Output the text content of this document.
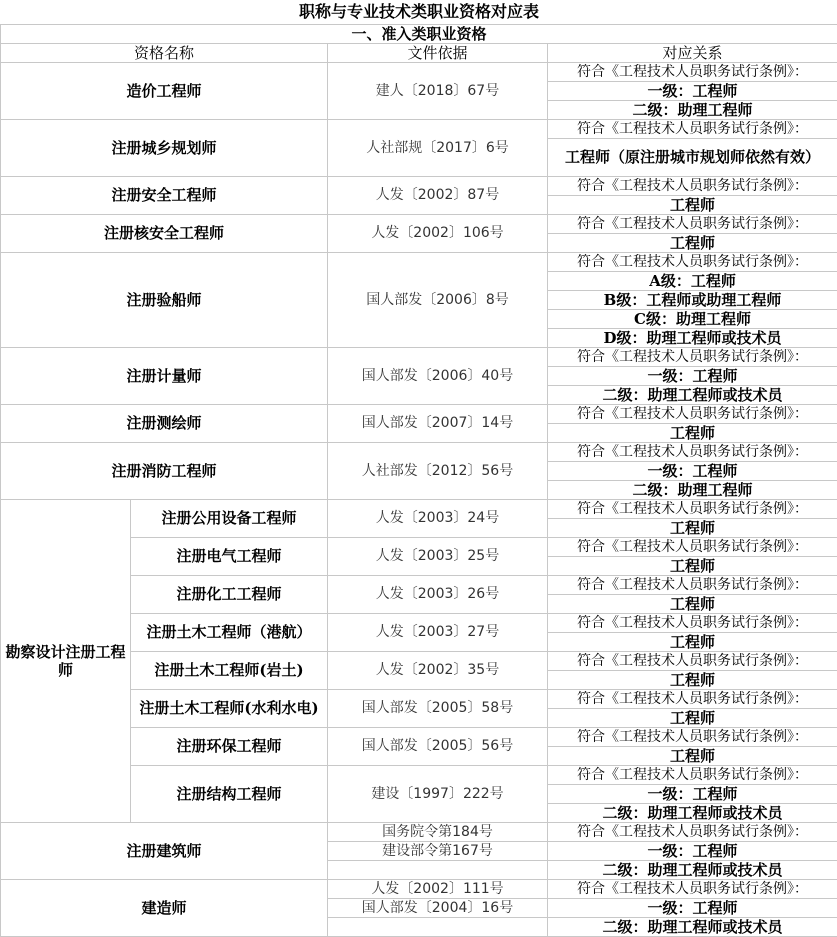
职称与专业技术类职业资格对应表			
一、准入类职业资格			
资格名称		文件依据	对应关系
造价工程师		建人〔2018〕67号	符合《工程技术人员职务试行条例》：
			一级：工程师
			二级：助理工程师
注册城乡规划师		人社部规〔2017〕6号	符合《工程技术人员职务试行条例》：
			工程师（原注册城市规划师依然有效）
注册安全工程师		人发〔2002〕87号	符合《工程技术人员职务试行条例》：
			工程师
注册核安全工程师		人发〔2002〕106号	符合《工程技术人员职务试行条例》：
			工程师
注册验船师		国人部发〔2006〕8号	符合《工程技术人员职务试行条例》：
			A级：工程师
			B级：工程师或助理工程师
			C级：助理工程师
			D级：助理工程师或技术员
注册计量师		国人部发〔2006〕40号	符合《工程技术人员职务试行条例》：
			一级：工程师
			二级：助理工程师或技术员
注册测绘师		国人部发〔2007〕14号	符合《工程技术人员职务试行条例》：
			工程师
注册消防工程师		人社部发〔2012〕56号	符合《工程技术人员职务试行条例》：
			一级：工程师
			二级：助理工程师
勘察设计注册工程师	注册公用设备工程师	人发〔2003〕24号	符合《工程技术人员职务试行条例》：
			工程师
	注册电气工程师	人发〔2003〕25号	符合《工程技术人员职务试行条例》：
			工程师
	注册化工工程师	人发〔2003〕26号	符合《工程技术人员职务试行条例》：
			工程师
	注册土木工程师（港航）	人发〔2003〕27号	符合《工程技术人员职务试行条例》：
			工程师
	注册土木工程师(岩土)	人发〔2002〕35号	符合《工程技术人员职务试行条例》：
			工程师
	注册土木工程师(水利水电)	国人部发〔2005〕58号	符合《工程技术人员职务试行条例》：
			工程师
	注册环保工程师	国人部发〔2005〕56号	符合《工程技术人员职务试行条例》：
			工程师
	注册结构工程师	建设〔1997〕222号	符合《工程技术人员职务试行条例》：
			一级：工程师
			二级：助理工程师或技术员
注册建筑师		国务院令第184号	符合《工程技术人员职务试行条例》：
		建设部令第167号	一级：工程师
			二级：助理工程师或技术员
建造师		人发〔2002〕111号	符合《工程技术人员职务试行条例》：
		国人部发〔2004〕16号	一级：工程师
			二级：助理工程师或技术员
